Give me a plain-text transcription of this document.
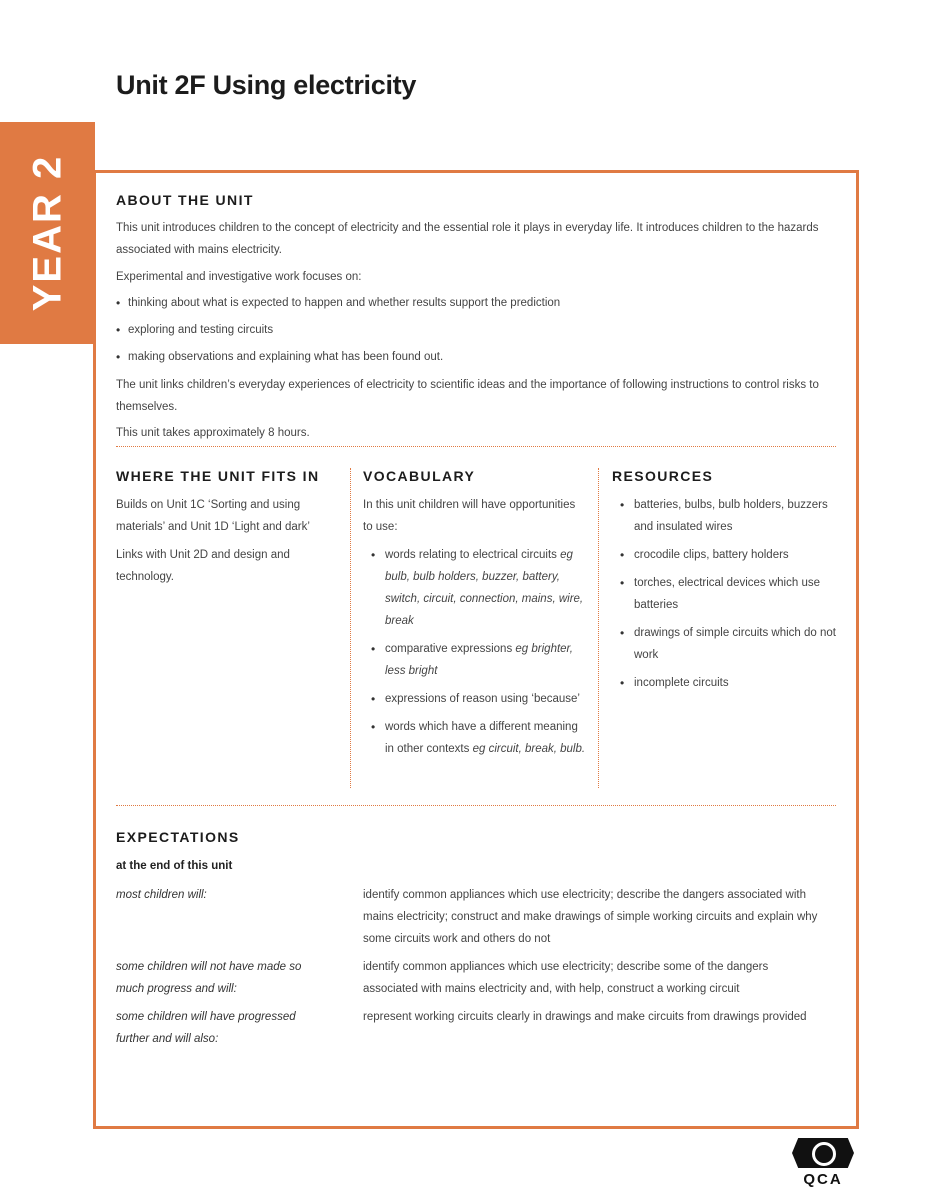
Unit 2F Using electricity
YEAR 2	ABOUT THE UNIT
This unit introduces children to the concept of electricity and the essential role it plays in everyday life. It introduces children to the hazards associated with mains electricity.
Experimental and investigative work focuses on:
• thinking about what is expected to happen and whether results support the prediction
• exploring and testing circuits
• making observations and explaining what has been found out.
The unit links children’s everyday experiences of electricity to scientific ideas and the importance of following instructions to control risks to themselves.
This unit takes approximately 8 hours.
WHERE THE UNIT FITS IN
Builds on Unit 1C ‘Sorting and using materials’ and Unit 1D ‘Light and dark’
Links with Unit 2D and design and technology.
VOCABULARY
In this unit children will have opportunities to use:
• words relating to electrical circuits eg bulb, bulb holders, buzzer, battery, switch, circuit, connection, mains, wire, break
• comparative expressions eg brighter, less bright
• expressions of reason using ‘because’
• words which have a different meaning in other contexts eg circuit, break, bulb.
RESOURCES
• batteries, bulbs, bulb holders, buzzers and insulated wires
• crocodile clips, battery holders
• torches, electrical devices which use batteries
• drawings of simple circuits which do not work
• incomplete circuits
EXPECTATIONS
at the end of this unit
most children will:	identify common appliances which use electricity; describe the dangers associated with mains electricity; construct and make drawings of simple working circuits and explain why some circuits work and others do not
some children will not have made so much progress and will:
identify common appliances which use electricity; describe some of the dangers associated with mains electricity and, with help, construct a working circuit
some children will have progressed further and will also:
represent working circuits clearly in drawings and make circuits from drawings provided
QCA
